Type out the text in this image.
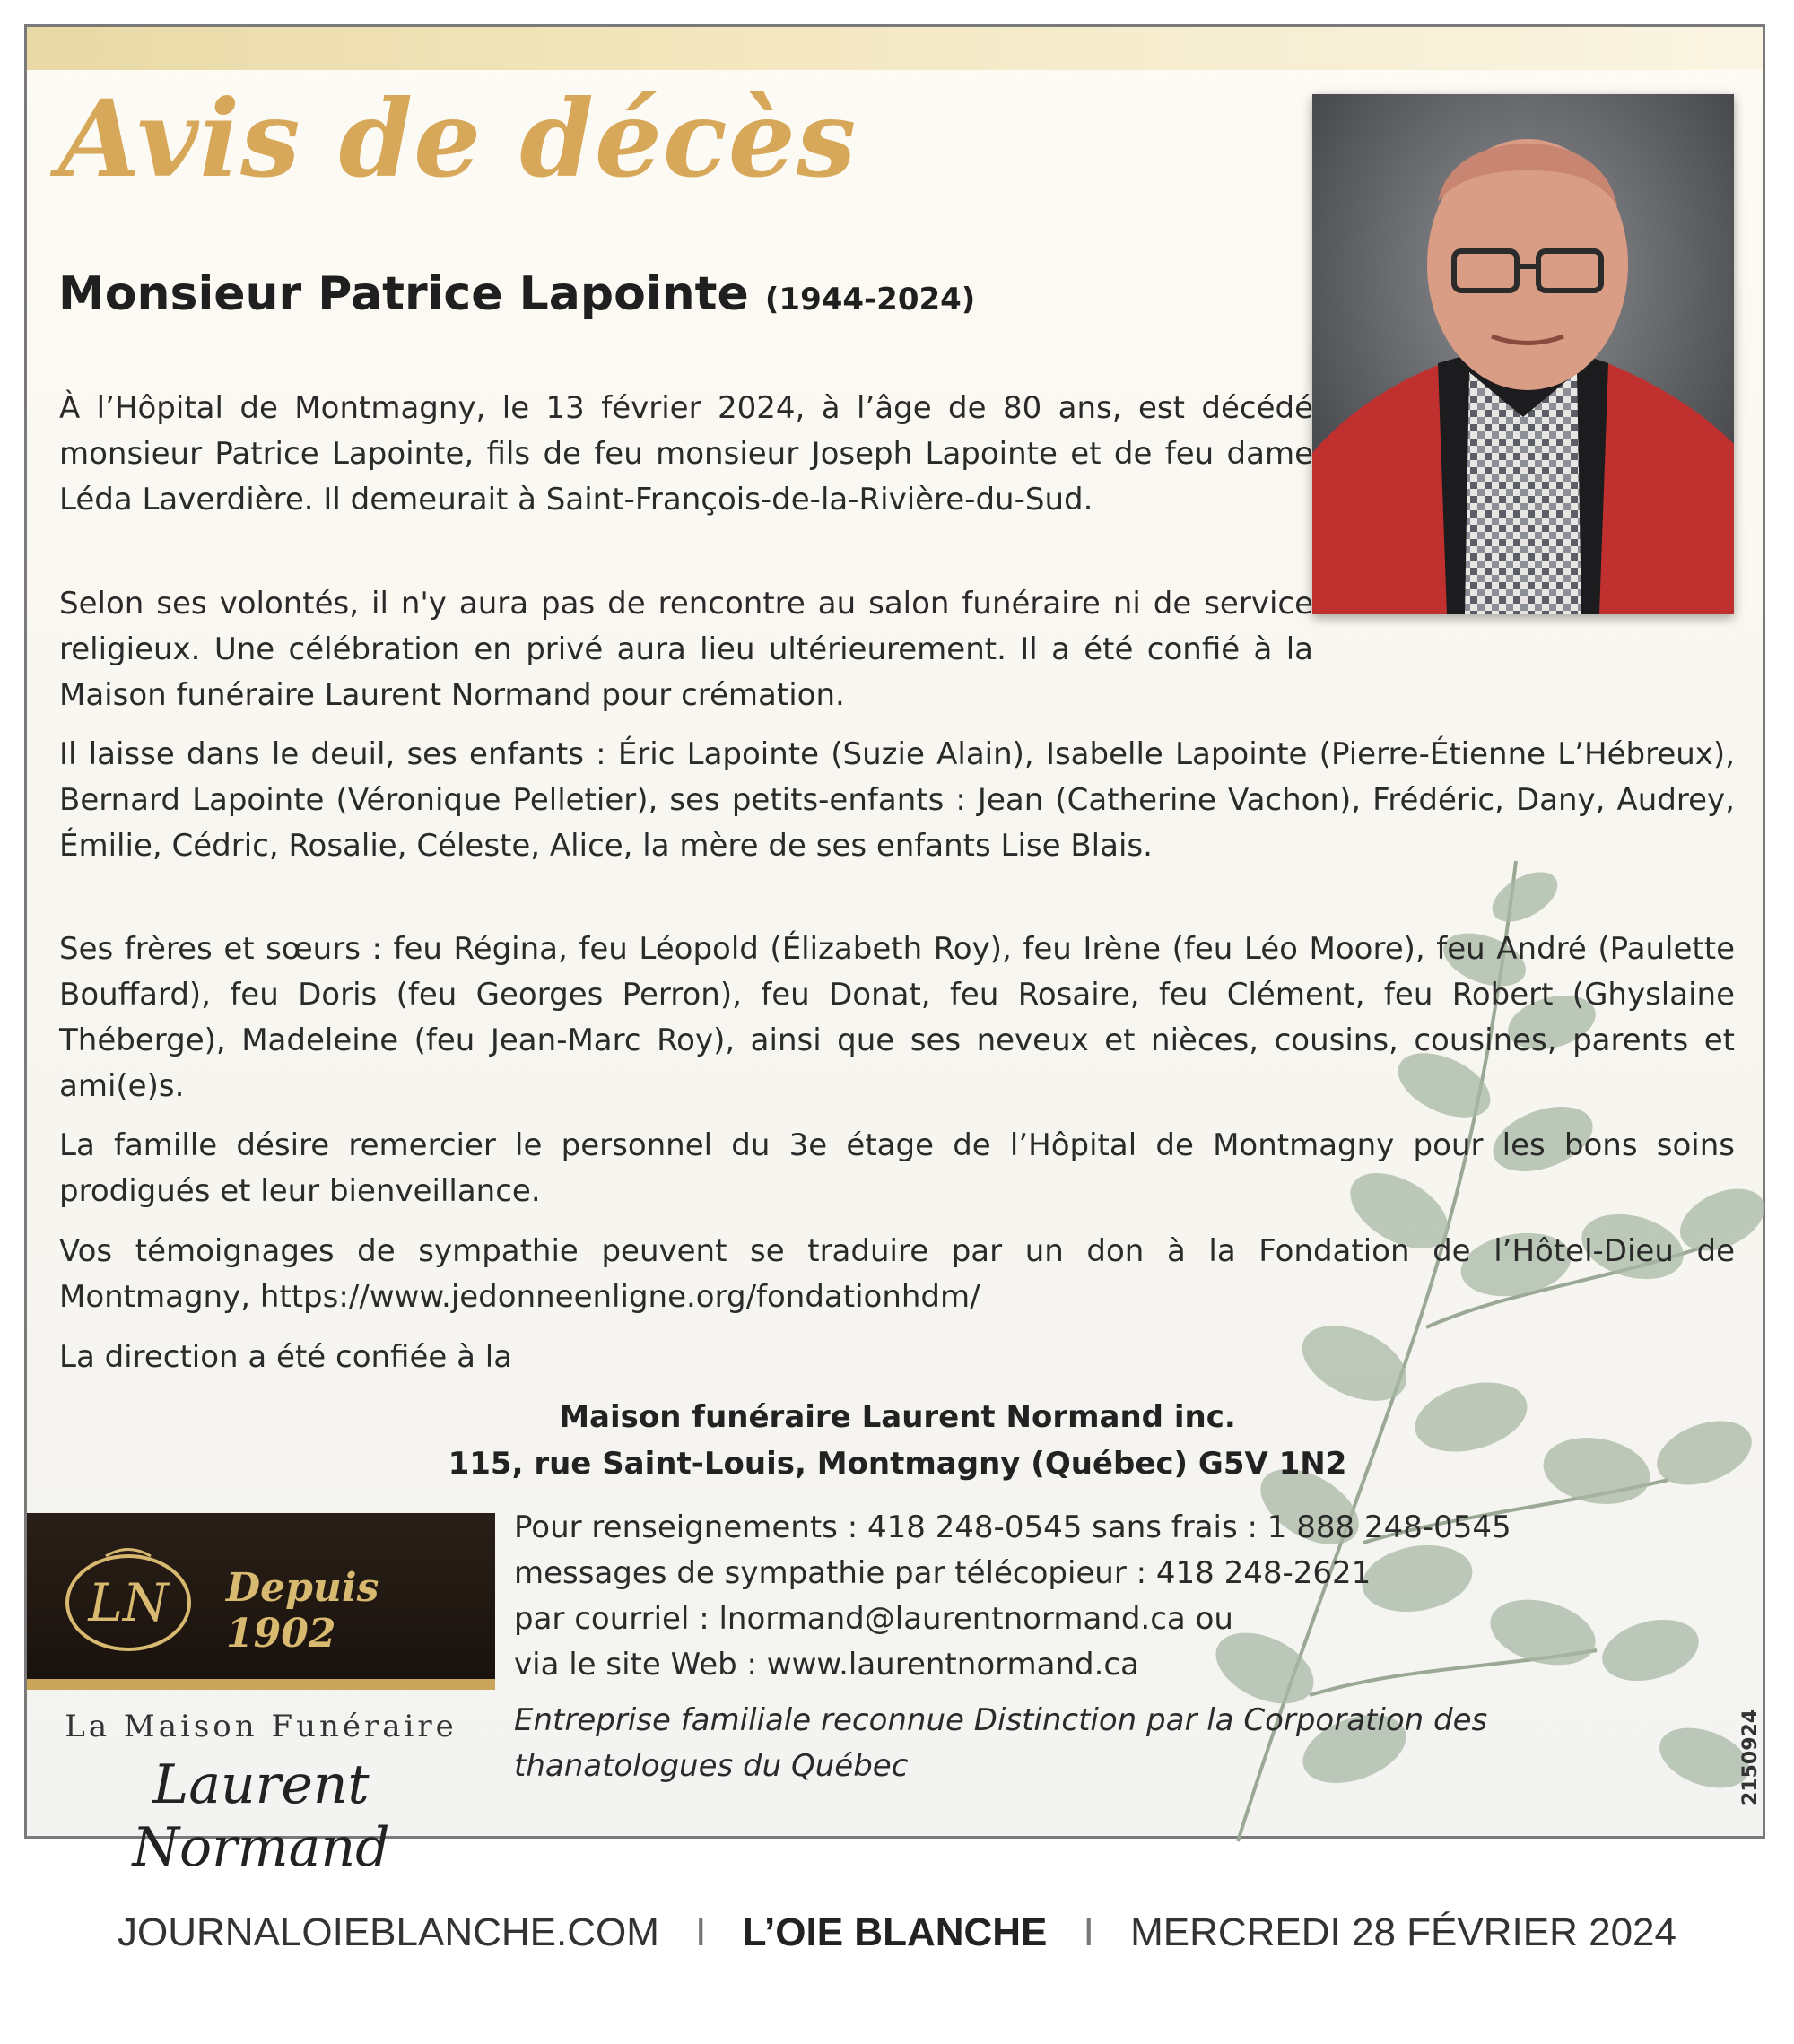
Avis de décès
Monsieur Patrice Lapointe (1944-2024)

À l’Hôpital de Montmagny, le 13 février 2024, à l’âge de 80 ans, est décédé monsieur Patrice Lapointe, fils de feu monsieur Joseph Lapointe et de feu dame Léda Laverdière. Il demeurait à Saint-François-de-la-Rivière-du-Sud.

Selon ses volontés, il n'y aura pas de rencontre au salon funéraire ni de service religieux. Une célébration en privé aura lieu ultérieurement. Il a été confié à la Maison funéraire Laurent Normand pour crémation.

Il laisse dans le deuil, ses enfants : Éric Lapointe (Suzie Alain), Isabelle Lapointe (Pierre-Étienne L’Hébreux), Bernard Lapointe (Véronique Pelletier), ses petits-enfants : Jean (Catherine Vachon), Frédéric, Dany, Audrey, Émilie, Cédric, Rosalie, Céleste, Alice, la mère de ses enfants Lise Blais.

Ses frères et sœurs : feu Régina, feu Léopold (Élizabeth Roy), feu Irène (feu Léo Moore), feu André (Paulette Bouffard), feu Doris (feu Georges Perron), feu Donat, feu Rosaire, feu Clément, feu Robert (Ghyslaine Théberge), Madeleine (feu Jean-Marc Roy), ainsi que ses neveux et nièces, cousins, cousines, parents et ami(e)s.

La famille désire remercier le personnel du 3e étage de l’Hôpital de Montmagny pour les bons soins prodigués et leur bienveillance.

Vos témoignages de sympathie peuvent se traduire par un don à la Fondation de l’Hôtel-Dieu de Montmagny, https://www.jedonneenligne.org/fondationhdm/

La direction a été confiée à la

Maison funéraire Laurent Normand inc.

115, rue Saint-Louis, Montmagny (Québec) G5V 1N2

LN Depuis 1902
La Maison Funéraire
Laurent Normand
Pour renseignements : 418 248-0545 sans frais : 1 888 248-0545
messages de sympathie par télécopieur : 418 248-2621
par courriel : lnormand@laurentnormand.ca ou
via le site Web : www.laurentnormand.ca

Entreprise familiale reconnue Distinction par la Corporation des thanatologues du Québec	2150924
JOURNALOIEBLANCHE.COM I L’OIE BLANCHE I MERCREDI 28 FÉVRIER 2024
